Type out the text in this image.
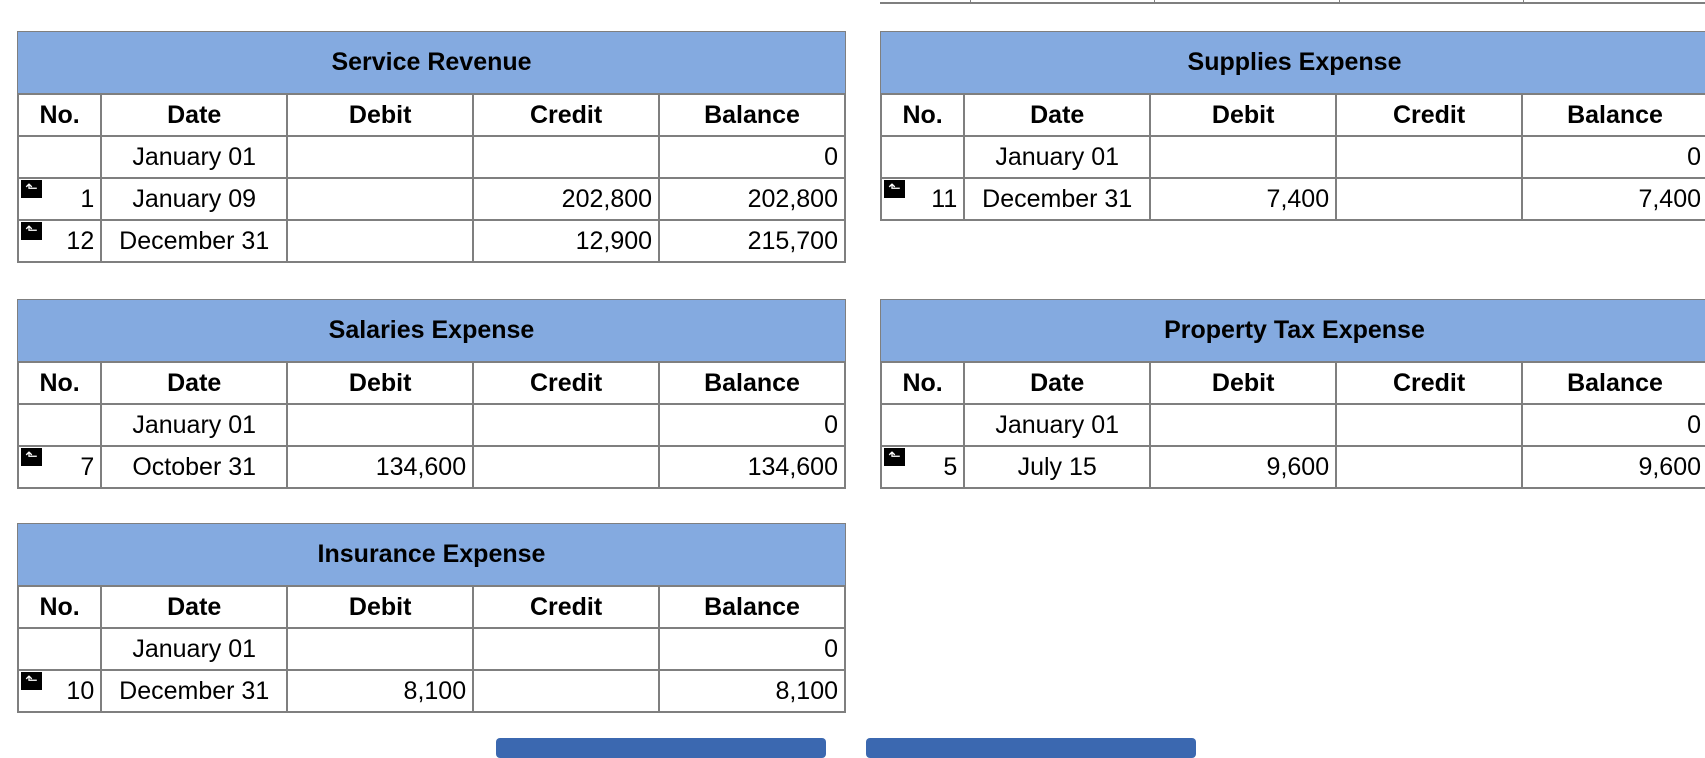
Service Revenue
No.	Date	Debit	Credit	Balance
	January 01			0

⬑ 1	January 09		202,800	202,800

⬑ 12	December 31		12,900	215,700
Supplies Expense
No.	Date	Debit	Credit	Balance
	January 01			0

⬑ 11	December 31	7,400		7,400
Salaries Expense
No.	Date	Debit	Credit	Balance
	January 01			0

⬑ 7	October 31	134,600		134,600
Property Tax Expense
No.	Date	Debit	Credit	Balance
	January 01			0

⬑ 5	July 15	9,600		9,600
Insurance Expense
No.	Date	Debit	Credit	Balance
	January 01			0

⬑ 10	December 31	8,100		8,100
